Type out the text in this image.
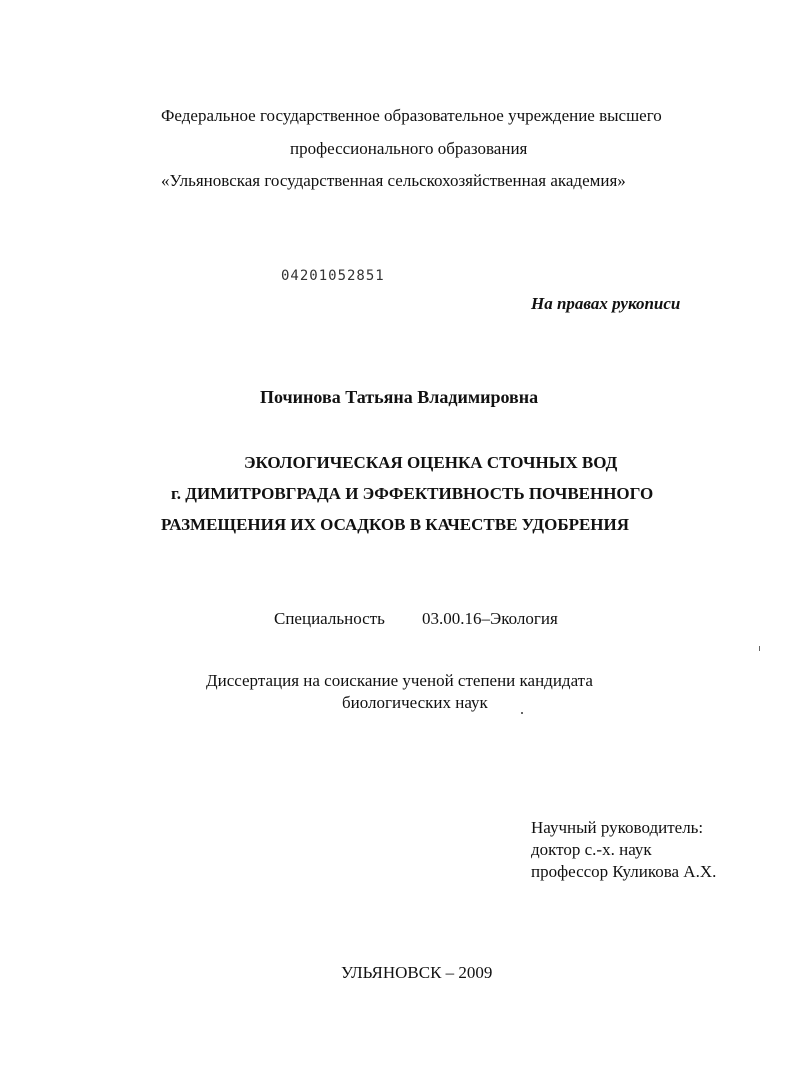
Федеральное государственное образовательное учреждение высшего
профессионального образования
«Ульяновская государственная сельскохозяйственная академия»
04201052851
На правах рукописи
Починова Татьяна Владимировна
ЭКОЛОГИЧЕСКАЯ ОЦЕНКА СТОЧНЫХ ВОД
г. ДИМИТРОВГРАДА И ЭФФЕКТИВНОСТЬ ПОЧВЕННОГО
РАЗМЕЩЕНИЯ ИХ ОСАДКОВ В КАЧЕСТВЕ УДОБРЕНИЯ
Специальность 03.00.16–Экология
Диссертация на соискание ученой степени кандидата
биологических наук
Научный руководитель:
доктор с.-х. наук
профессор Куликова А.Х.
УЛЬЯНОВСК – 2009
